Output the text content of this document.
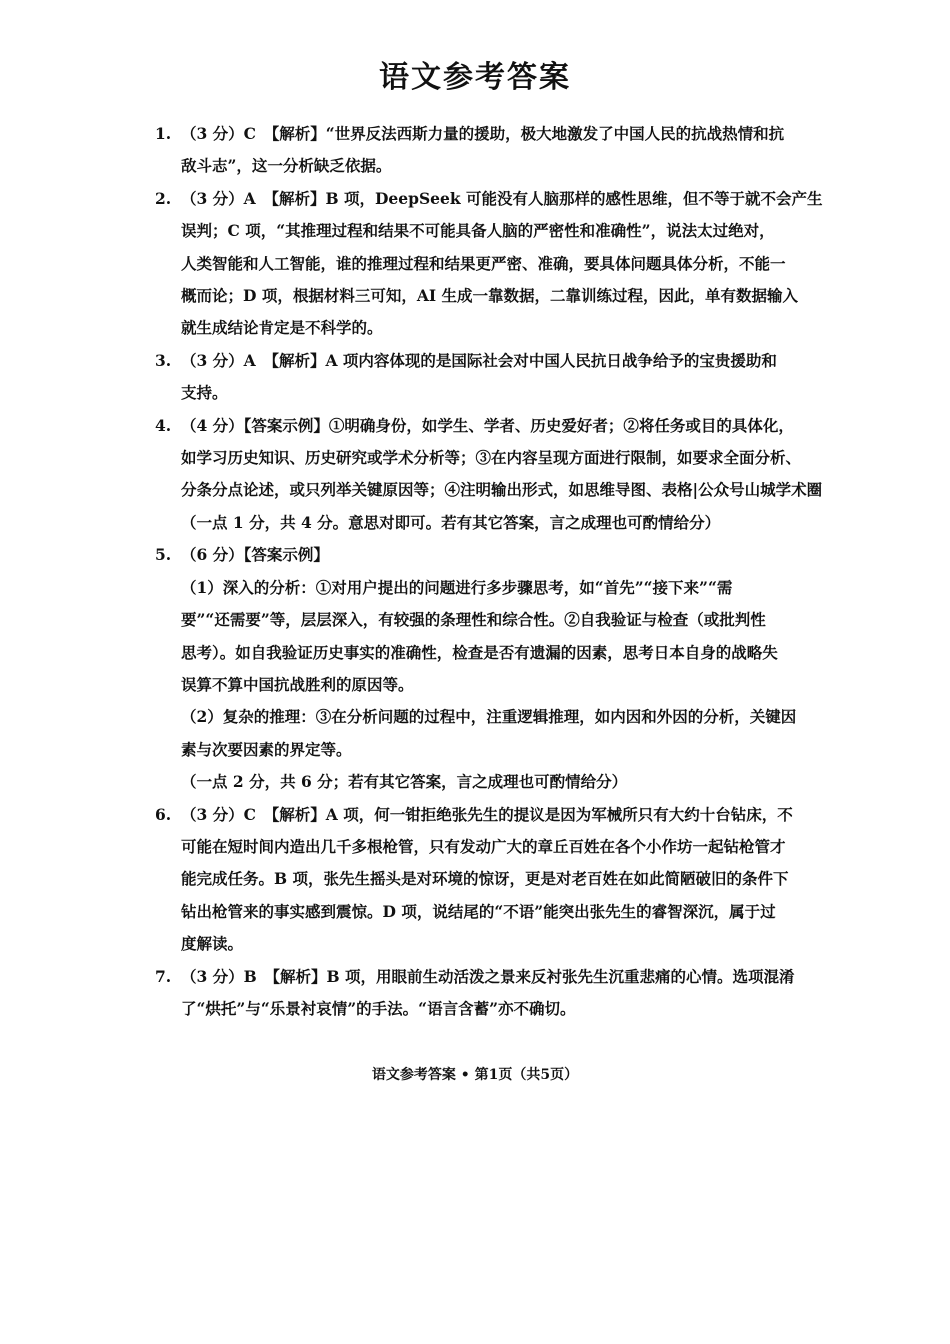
语文参考答案
1. （3 分）C　【解析】“世界反法西斯力量的援助，极大地激发了中国人民的抗战热情和抗

敌斗志”，这一分析缺乏依据。

2. （3 分）A　【解析】B 项，DeepSeek 可能没有人脑那样的感性思维，但不等于就不会产生

误判；C 项，“其推理过程和结果不可能具备人脑的严密性和准确性”，说法太过绝对，

人类智能和人工智能，谁的推理过程和结果更严密、准确，要具体问题具体分析，不能一

概而论；D 项，根据材料三可知，AI 生成一靠数据，二靠训练过程，因此，单有数据输入

就生成结论肯定是不科学的。

3. （3 分）A　【解析】A 项内容体现的是国际社会对中国人民抗日战争给予的宝贵援助和

支持。

4. （4 分）【答案示例】①明确身份，如学生、学者、历史爱好者；②将任务或目的具体化，

如学习历史知识、历史研究或学术分析等；③在内容呈现方面进行限制，如要求全面分析、

分条分点论述，或只列举关键原因等；④注明输出形式，如思维导图、表格|公众号山城学术圈

（一点 1 分，共 4 分。意思对即可。若有其它答案，言之成理也可酌情给分）

5. （6 分）【答案示例】

（1）深入的分析：①对用户提出的问题进行多步骤思考，如“首先”“接下来”“需

要”“还需要”等，层层深入，有较强的条理性和综合性。②自我验证与检查（或批判性

思考）。如自我验证历史事实的准确性，检查是否有遗漏的因素，思考日本自身的战略失

误算不算中国抗战胜利的原因等。

（2）复杂的推理：③在分析问题的过程中，注重逻辑推理，如内因和外因的分析，关键因

素与次要因素的界定等。

（一点 2 分，共 6 分；若有其它答案，言之成理也可酌情给分）

6. （3 分）C　【解析】A 项，何一钳拒绝张先生的提议是因为军械所只有大约十台钻床，不

可能在短时间内造出几千多根枪管，只有发动广大的章丘百姓在各个小作坊一起钻枪管才

能完成任务。B 项，张先生摇头是对环境的惊讶，更是对老百姓在如此简陋破旧的条件下

钻出枪管来的事实感到震惊。D 项，说结尾的“不语”能突出张先生的睿智深沉，属于过

度解读。

7. （3 分）B　【解析】B 项，用眼前生动活泼之景来反衬张先生沉重悲痛的心情。选项混淆

了“烘托”与“乐景衬哀情”的手法。“语言含蓄”亦不确切。

语文参考答案 • 第1页（共5页）
